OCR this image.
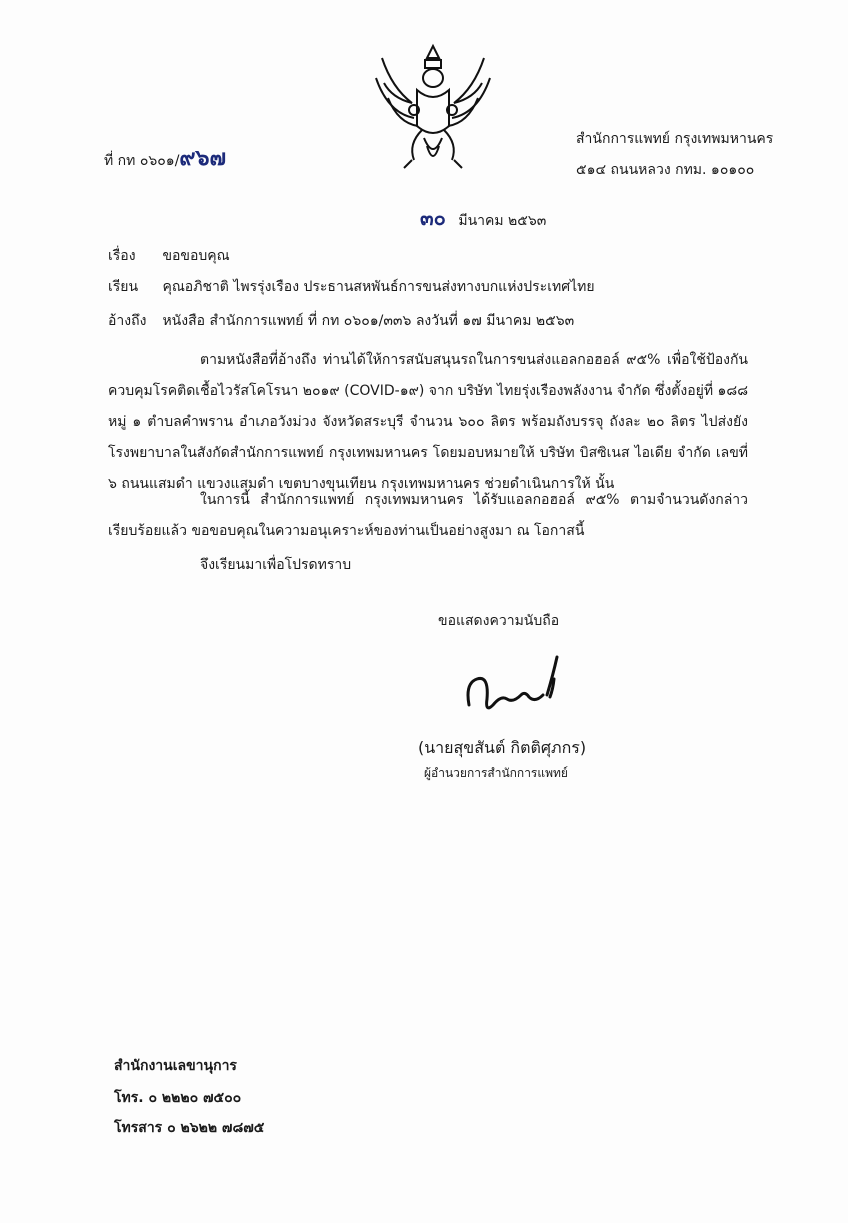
ที่ กท ๐๖๐๑/๙๖๗
สำนักการแพทย์ กรุงเทพมหานคร
๕๑๔ ถนนหลวง กทม. ๑๐๑๐๐
๓๐ มีนาคม ๒๕๖๓
เรื่อง ขอขอบคุณ
เรียน คุณอภิชาติ ไพรรุ่งเรือง ประธานสหพันธ์การขนส่งทางบกแห่งประเทศไทย
อ้างถึง หนังสือ สำนักการแพทย์ ที่ กท ๐๖๐๑/๓๓๖ ลงวันที่ ๑๗ มีนาคม ๒๕๖๓
ตามหนังสือที่อ้างถึง ท่านได้ให้การสนับสนุนรถในการขนส่งแอลกอฮอล์ ๙๕% เพื่อใช้ป้องกันควบคุมโรคติดเชื้อไวรัสโคโรนา ๒๐๑๙ (COVID-๑๙) จาก บริษัท ไทยรุ่งเรืองพลังงาน จำกัด ซึ่งตั้งอยู่ที่ ๑๘๘ หมู่ ๑ ตำบลคำพราน อำเภอวังม่วง จังหวัดสระบุรี จำนวน ๖๐๐ ลิตร พร้อมถังบรรจุ ถังละ ๒๐ ลิตร ไปส่งยังโรงพยาบาลในสังกัดสำนักการแพทย์ กรุงเทพมหานคร โดยมอบหมายให้ บริษัท บิสซิเนส ไอเดีย จำกัด เลขที่ ๖ ถนนแสมดำ แขวงแสมดำ เขตบางขุนเทียน กรุงเทพมหานคร ช่วยดำเนินการให้ นั้น
ในการนี้ สำนักการแพทย์ กรุงเทพมหานคร ได้รับแอลกอฮอล์ ๙๕% ตามจำนวนดังกล่าวเรียบร้อยแล้ว ขอขอบคุณในความอนุเคราะห์ของท่านเป็นอย่างสูงมา ณ โอกาสนี้
จึงเรียนมาเพื่อโปรดทราบ
ขอแสดงความนับถือ
(นายสุขสันต์ กิตติศุภกร)
ผู้อำนวยการสำนักการแพทย์
สำนักงานเลขานุการ
โทร. ๐ ๒๒๒๐ ๗๕๐๐
โทรสาร ๐ ๒๖๒๒ ๗๘๗๕
